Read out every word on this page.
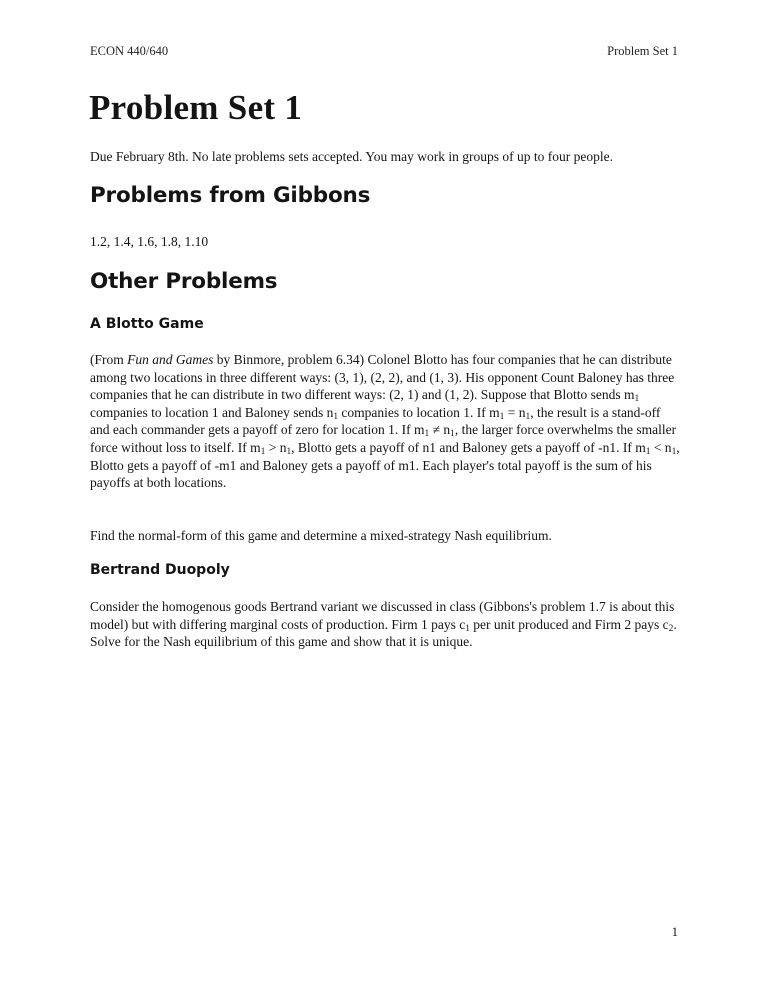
ECON 440/640	Problem Set 1
Problem Set 1

Due February 8th. No late problems sets accepted. You may work in groups of up to four people.

Problems from Gibbons

1.2, 1.4, 1.6, 1.8, 1.10

Other Problems
A Blotto Game

(From Fun and Games by Binmore, problem 6.34) Colonel Blotto has four companies that he can distribute among two locations in three different ways: (3, 1), (2, 2), and (1, 3). His opponent Count Baloney has three companies that he can distribute in two different ways: (2, 1) and (1, 2). Suppose that Blotto sends $m_1$ companies to location 1 and Baloney sends $n_1$ companies to location 1. If $m_1 = n_1$, the result is a stand-off and each commander gets a payoff of zero for location 1. If $m_1 \ne n_1$, the larger force overwhelms the smaller force without loss to itself. If $m_1 > n_1$, Blotto gets a payoff of n1 and Baloney gets a payoff of -n1. If $m_1 < n_1$, Blotto gets a payoff of -m1 and Baloney gets a payoff of m1. Each player's total payoff is the sum of his payoffs at both locations.

Find the normal-form of this game and determine a mixed-strategy Nash equilibrium.

Bertrand Duopoly

Consider the homogenous goods Bertrand variant we discussed in class (Gibbons's problem 1.7 is about this model) but with differing marginal costs of production. Firm 1 pays $c_1$ per unit produced and Firm 2 pays $c_2$. Solve for the Nash equilibrium of this game and show that it is unique.

1
